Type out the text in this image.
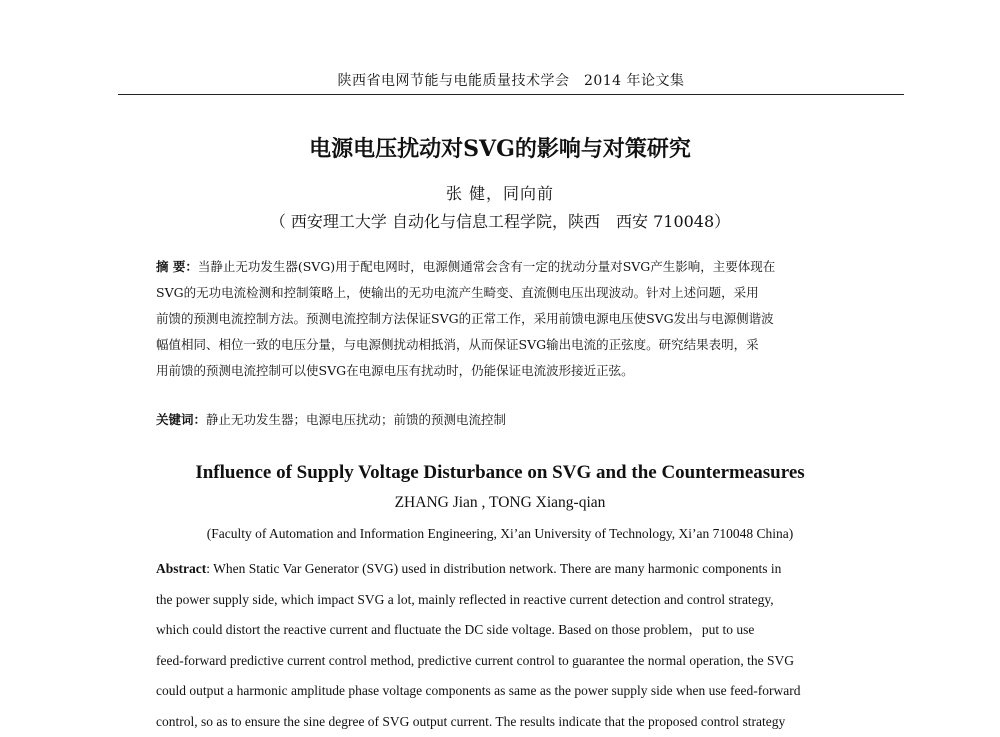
陕西省电网节能与电能质量技术学会　2014 年论文集
电源电压扰动对SVG的影响与对策研究
张 健，同向前
（ 西安理工大学 自动化与信息工程学院，陕西　西安 710048）
摘 要：当静止无功发生器(SVG)用于配电网时，电源侧通常会含有一定的扰动分量对SVG产生影响，主要体现在
SVG的无功电流检测和控制策略上，使输出的无功电流产生畸变、直流侧电压出现波动。针对上述问题，采用
前馈的预测电流控制方法。预测电流控制方法保证SVG的正常工作，采用前馈电源电压使SVG发出与电源侧谐波
幅值相同、相位一致的电压分量，与电源侧扰动相抵消，从而保证SVG输出电流的正弦度。研究结果表明，采
用前馈的预测电流控制可以使SVG在电源电压有扰动时，仍能保证电流波形接近正弦。
关键词：静止无功发生器；电源电压扰动；前馈的预测电流控制
Influence of Supply Voltage Disturbance on SVG and the Countermeasures
ZHANG Jian , TONG Xiang-qian
(Faculty of Automation and Information Engineering, Xi’an University of Technology, Xi’an 710048 China)
Abstract: When Static Var Generator (SVG) used in distribution network. There are many harmonic components in
the power supply side, which impact SVG a lot, mainly reflected in reactive current detection and control strategy,
which could distort the reactive current and fluctuate the DC side voltage. Based on those problem，put to use
feed-forward predictive current control method, predictive current control to guarantee the normal operation, the SVG
could output a harmonic amplitude phase voltage components as same as the power supply side when use feed-forward
control, so as to ensure the sine degree of SVG output current. The results indicate that the proposed control strategy
